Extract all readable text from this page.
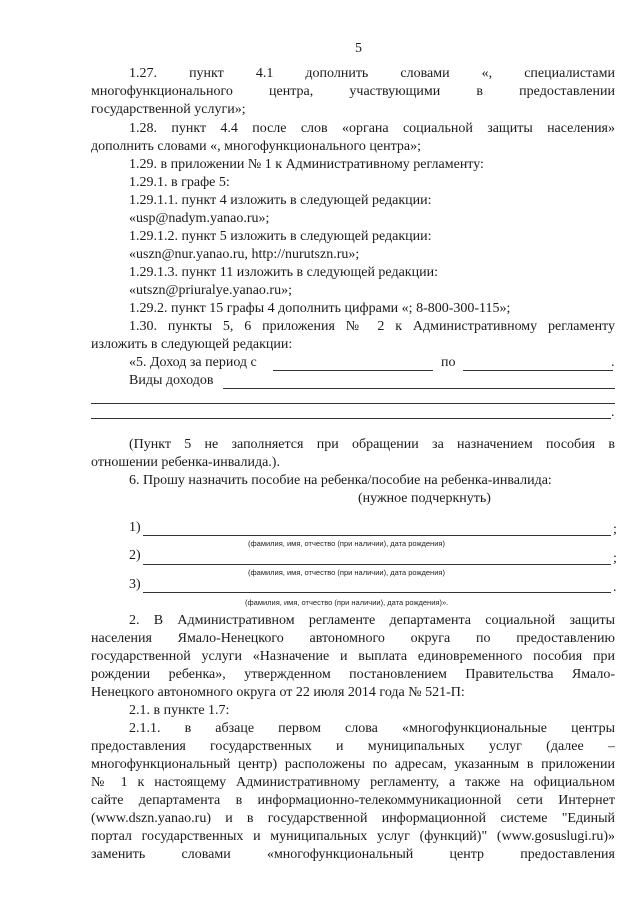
5
1.27. пункт 4.1 дополнить словами «, специалистами
многофункционального центра, участвующими в предоставлении
государственной услуги»;
1.28. пункт 4.4 после слов «органа социальной защиты населения»
дополнить словами «, многофункционального центра»;
1.29. в приложении № 1 к Административному регламенту:
1.29.1. в графе 5:
1.29.1.1. пункт 4 изложить в следующей редакции:
«usp@nadym.yanao.ru»;
1.29.1.2. пункт 5 изложить в следующей редакции:
«uszn@nur.yanao.ru, http://nurutszn.ru»;
1.29.1.3. пункт 11 изложить в следующей редакции:
«utszn@priuralye.yanao.ru»;
1.29.2. пункт 15 графы 4 дополнить цифрами «; 8-800-300-115»;
1.30. пункты 5, 6 приложения № 2 к Административному регламенту
изложить в следующей редакции:
«5. Доход за период с	по	.
Виды доходов
.
(Пункт 5 не заполняется при обращении за назначением пособия в
отношении ребенка-инвалида.).
6. Прошу назначить пособие на ребенка/пособие на ребенка-инвалида:
(нужное подчеркнуть)
1)	;
(фамилия, имя, отчество (при наличии), дата рождения)
2)	;
(фамилия, имя, отчество (при наличии), дата рождения)
3)	.
(фамилия, имя, отчество (при наличии), дата рождения)».
2. В Административном регламенте департамента социальной защиты
населения Ямало-Ненецкого автономного округа по предоставлению
государственной услуги «Назначение и выплата единовременного пособия при
рождении ребенка», утвержденном постановлением Правительства Ямало-
Ненецкого автономного округа от 22 июля 2014 года № 521-П:
2.1. в пункте 1.7:
2.1.1. в абзаце первом слова «многофункциональные центры
предоставления государственных и муниципальных услуг (далее –
многофункциональный центр) расположены по адресам, указанным в приложении
№ 1 к настоящему Административному регламенту, а также на официальном
сайте департамента в информационно-телекоммуникационной сети Интернет
(www.dszn.yanao.ru) и в государственной информационной системе "Единый
портал государственных и муниципальных услуг (функций)" (www.gosuslugi.ru)»
заменить словами «многофункциональный центр предоставления
